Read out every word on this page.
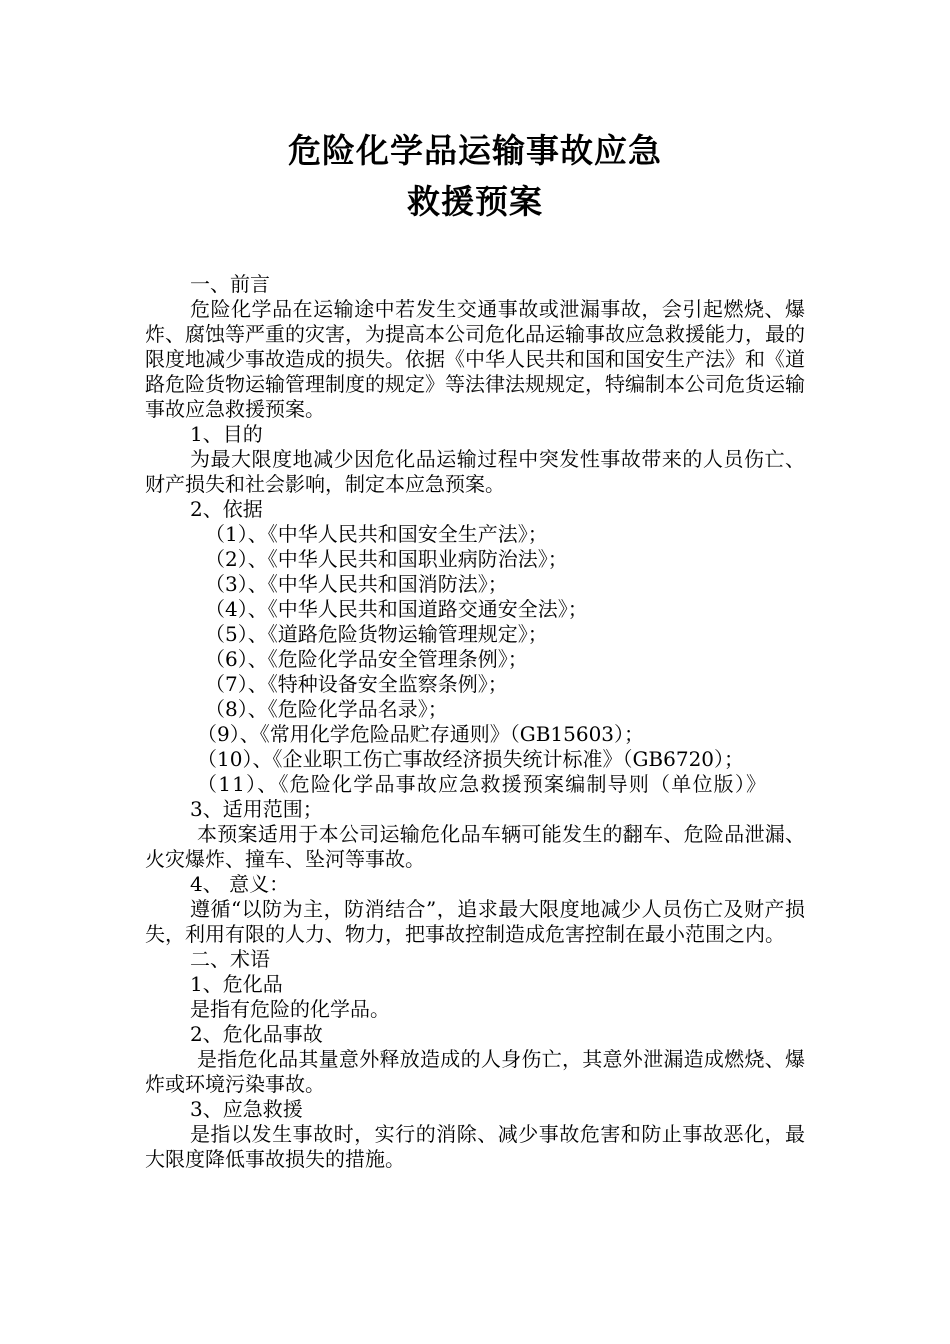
危险化学品运输事故应急
救援预案

一、前言

危险化学品在运输途中若发生交通事故或泄漏事故，会引起燃烧、爆炸、腐蚀等严重的灾害，为提高本公司危化品运输事故应急救援能力，最的限度地减少事故造成的损失。依据《中华人民共和国和国安生产法》和《道路危险货物运输管理制度的规定》等法律法规规定，特编制本公司危货运输事故应急救援预案。

1、目的

为最大限度地减少因危化品运输过程中突发性事故带来的人员伤亡、财产损失和社会影响，制定本应急预案。

2、依据

（1）、《中华人民共和国安全生产法》；

（2）、《中华人民共和国职业病防治法》；

（3）、《中华人民共和国消防法》；

（4）、《中华人民共和国道路交通安全法》；

（5）、《道路危险货物运输管理规定》；

（6）、《危险化学品安全管理条例》；

（7）、《特种设备安全监察条例》；

（8）、《危险化学品名录》；

（9）、《常用化学危险品贮存通则》（GB15603）；

（10）、《企业职工伤亡事故经济损失统计标准》（GB6720）；

（11）、《危险化学品事故应急救援预案编制导则（单位版）》

3、适用范围；

本预案适用于本公司运输危化品车辆可能发生的翻车、危险品泄漏、火灾爆炸、撞车、坠河等事故。

4、 意义：

遵循“以防为主，防消结合”，追求最大限度地减少人员伤亡及财产损失，利用有限的人力、物力，把事故控制造成危害控制在最小范围之内。

二、术语

1、危化品

是指有危险的化学品。

2、危化品事故

是指危化品其量意外释放造成的人身伤亡，其意外泄漏造成燃烧、爆炸或环境污染事故。

3、应急救援

是指以发生事故时，实行的消除、减少事故危害和防止事故恶化，最大限度降低事故损失的措施。
